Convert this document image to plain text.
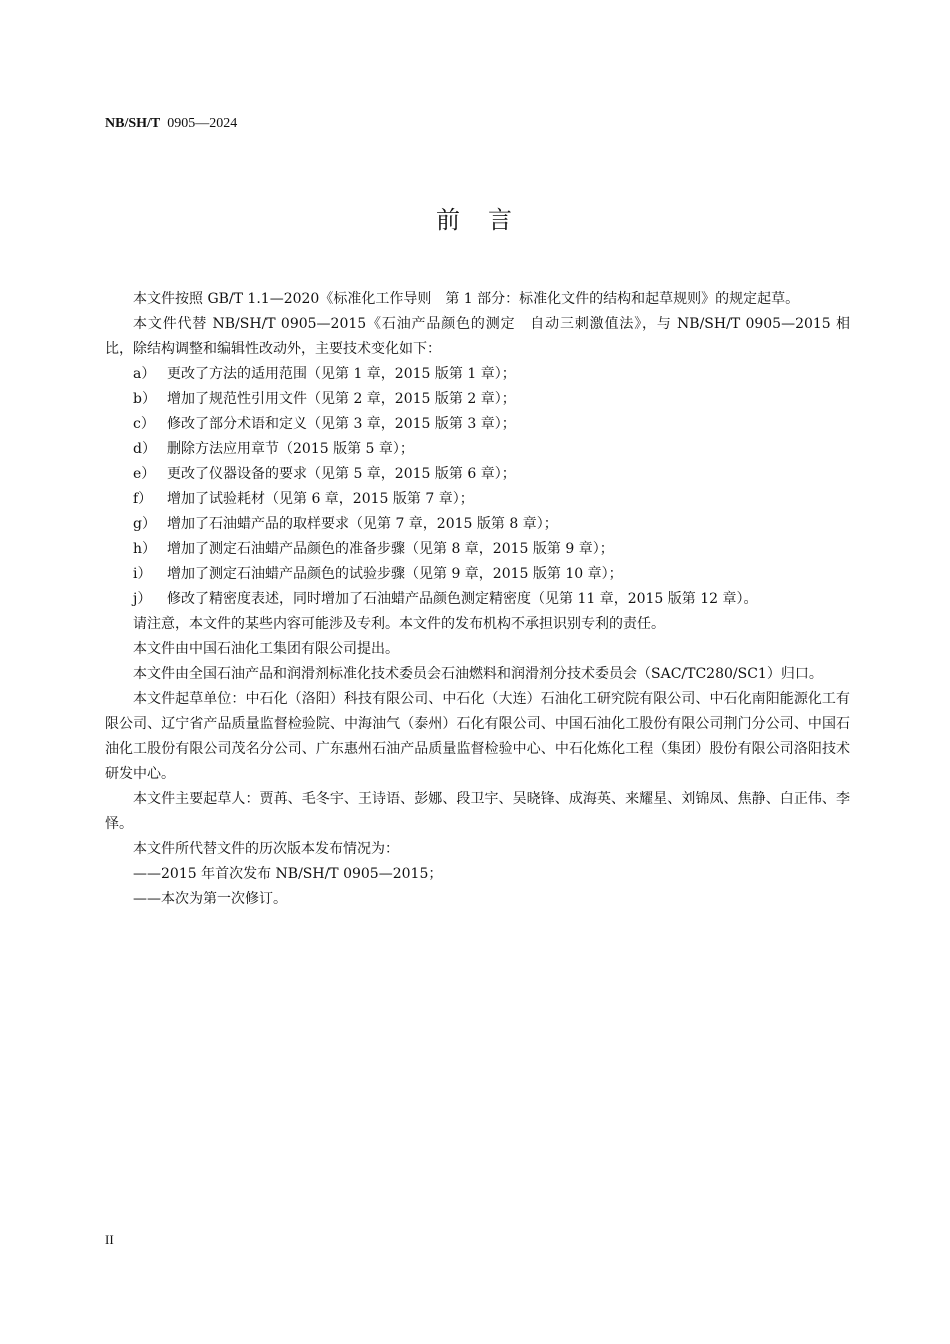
NB/SH/T 0905—2024
前　言

本文件按照 GB/T 1.1—2020《标准化工作导则　第 1 部分：标准化文件的结构和起草规则》的规定起草。

本文件代替 NB/SH/T 0905—2015《石油产品颜色的测定　自动三刺激值法》，与 NB/SH/T 0905—2015 相比，除结构调整和编辑性改动外，主要技术变化如下：

a） 更改了方法的适用范围（见第 1 章，2015 版第 1 章）；

b） 增加了规范性引用文件（见第 2 章，2015 版第 2 章）；

c） 修改了部分术语和定义（见第 3 章，2015 版第 3 章）；

d） 删除方法应用章节（2015 版第 5 章）；

e） 更改了仪器设备的要求（见第 5 章，2015 版第 6 章）；

f） 增加了试验耗材（见第 6 章，2015 版第 7 章）；

g） 增加了石油蜡产品的取样要求（见第 7 章，2015 版第 8 章）；

h） 增加了测定石油蜡产品颜色的准备步骤（见第 8 章，2015 版第 9 章）；

i） 增加了测定石油蜡产品颜色的试验步骤（见第 9 章，2015 版第 10 章）；

j） 修改了精密度表述，同时增加了石油蜡产品颜色测定精密度（见第 11 章，2015 版第 12 章）。

请注意，本文件的某些内容可能涉及专利。本文件的发布机构不承担识别专利的责任。

本文件由中国石油化工集团有限公司提出。

本文件由全国石油产品和润滑剂标准化技术委员会石油燃料和润滑剂分技术委员会（SAC/TC280/SC1）归口。

本文件起草单位：中石化（洛阳）科技有限公司、中石化（大连）石油化工研究院有限公司、中石化南阳能源化工有限公司、辽宁省产品质量监督检验院、中海油气（泰州）石化有限公司、中国石油化工股份有限公司荆门分公司、中国石油化工股份有限公司茂名分公司、广东惠州石油产品质量监督检验中心、中石化炼化工程（集团）股份有限公司洛阳技术研发中心。

本文件主要起草人：贾苒、毛冬宇、王诗语、彭娜、段卫宇、吴晓锋、成海英、来耀星、刘锦凤、焦静、白正伟、李怿。

本文件所代替文件的历次版本发布情况为：

——2015 年首次发布 NB/SH/T 0905—2015；

——本次为第一次修订。

II
